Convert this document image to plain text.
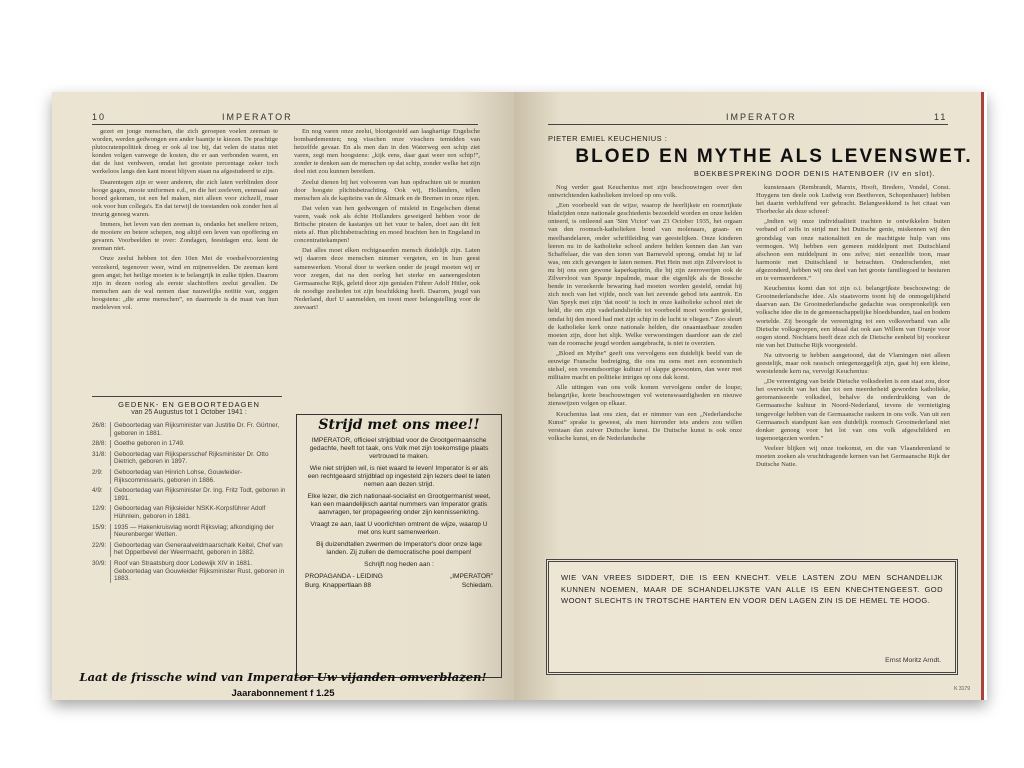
10	IMPERATOR

gezet en jonge menschen, die zich geroepen voelen zeeman te worden, werden gedwongen een ander baantje te kiezen. De prachtige plutocratenpolitiek droeg er ook al toe bij, dat velen de status niet konden volgen vanwege de kosten, die er aan verbonden waren, en dat de lust verdween, omdat het grootste percentage zeker toch werkeloos langs den kant moest blijven staan na afgestudeerd te zijn.

Daarentegen zijn er weer anderen, die zich laten verblinden door hooge gages, mooie uniformen e.d., en die het zeeleven, eenmaal aan boord gekomen, tot een hel maken, niet alleen voor zichzelf, maar ook voor hun collega's. En dat terwijl de toestanden ook zonder hen al treurig genoeg waren.

Immers, het leven van den zeeman is, ondanks het snellere reizen, de mooiere en betere schepen, nog altijd een leven van opoffering en gevaren. Voorbeelden te over: Zondagen, feestdagen enz. kent de zeeman niet.

Onze zeelui hebben tot den 10en Mei de voedselvoorziening verzekerd, tegenover weer, wind en mijnenvelden. De zeeman kent geen angst; het heilige moeten is te belangrijk in zulke tijden. Daarom zijn in dezen oorlog als eerste slachtoffers zeelui gevallen. De menschen aan de wal nemen daar nauwelijks notitie van, zeggen hoogstens: „die arme menschen”, en daarmede is de maat van hun medeleven vol.

En nog varen onze zeelui, blootgesteld aan laaghartige Engelsche bombardementen; nog visschen onze visschers temidden van hetzelfde gevaar. En als men dan in den Waterweg een schip ziet varen, zegt men hoogstens: „kijk eens, daar gaat weer een schip!”, zonder te denken aan de menschen op dat schip, zonder welke het zijn doel niet zou kunnen bereiken.

Zeelui dienen bij het volvoeren van hun opdrachten uit te munten door hoogste plichtsbetrachting. Ook wij, Hollanders, tellen menschen als de kapiteins van de Altmark en de Bremen in onze rijen.

Dat velen van hen gedwongen of misleid in Engelschen dienst varen, vaak ook als échte Hollanders geweigerd hebben voor de Britsche piraten de kastanjes uit het vuur te halen, doet aan dit feit niets af. Hun plichtsbetrachting en moed brachten hen in Engeland in concentratiekampen!

Dat alles moet elken rechtgeaarden mensch duidelijk zijn. Laten wij daarom deze menschen nimmer vergeten, en in hun geest samenwerken. Vooral door te werken onder de jeugd moeten wij er voor zorgen, dat na den oorlog het sterke en aaneengesloten Germaansche Rijk, geleid door zijn genialen Führer Adolf Hitler, ook de noodige zeelieden tot zijn beschikking heeft. Daarom, jeugd van Nederland, durf U aanmelden, en toont meer belangstelling voor de zeevaart!

GEDENK- EN GEBOORTEDAGEN
van 25 Augustus tot 1 October 1941 :
26/8:	Geboortedag van Rijksminister van Justitie Dr. Fr. Gürtner, geboren in 1881.
28/8:	Goethe geboren in 1749.
31/8:	Geboortedag van Rijkspersschef Rijksminister Dr. Otto Dietrich, geboren in 1897.
2/9:	Geboortedag van Hinrich Lohse, Gouwleider-Rijkscommissaris, geboren in 1886.
4/9:	Geboortedag van Rijksminister Dr. Ing. Fritz Todt, geboren in 1891.
12/9:	Geboortedag van Rijksleider NSKK-Korpsführer Adolf Hühnlein, geboren in 1881.
15/9:	1935 — Hakenkruisvlag wordt Rijksvlag; afkondiging der Neurenberger Wetten.
22/9:	Geboortedag van Generaalveldmaarschalk Keitel, Chef van het Opperbevel der Weermacht, geboren in 1882.
30/9:	Roof van Straatsburg door Lodewijk XIV in 1681. Geboortedag van Gouwleider Rijksminister Rust, geboren in 1883.
Strijd met ons mee!!

IMPERATOR, officieel strijdblad voor de Grootgermaansche gedachte, heeft tot taak, ons Volk met zijn toekomstige plaats vertrouwd te maken.

Wie niet strijden wil, is niet waard te leven! Imperator is er als een rechtgeaard strijdblad op ingesteld zijn lezers deel te laten nemen aan dezen strijd.

Elke lezer, die zich nationaal-socialist en Grootgermanist weet, kan een maandelijksch aantal nummers van Imperator gratis aanvragen, ter propageering onder zijn kennissenkring.

Vraagt ze aan, laat U voorlichten omtrent de wijze, waarop U met ons kunt samenwerken.

Bij duizendtallen zwermen de Imperator's door onze lage landen. Zij zullen de democratische poel dempen!

Schrijft nog heden aan :

PROPAGANDA - LEIDING	„IMPERATOR”
Burg. Knappertlaan 88	Schiedam.
Laat de frissche wind van Imperator Uw vijanden omverblazen!
Jaarabonnement f 1.25
IMPERATOR	11
PIETER EMIEL KEUCHENIUS :
BLOED EN MYTHE ALS LEVENSWET.
BOEKBESPREKING DOOR DENIS HATENBOER (IV en slot).

Nog verder gaat Keuchenius met zijn beschouwingen over den ontwrichtenden katholieken invloed op ons volk.

„Een voorbeeld van de wijze, waarop de heerlijkste en roemrijkste bladzijden onze nationale geschiedenis bezoedeld worden en onze helden onteerd, is ontleend aan 'Sint Victor' van 23 October 1935, het orgaan van den roomsch-katholieken bond van molenaars, graan- en meelhandelaren, onder schriftleiding van geestelijken. Onze kinderen leeren nu in de katholieke school andere helden kennen dan Jan van Schaffelaar, die van den toren van Barneveld sprong, omdat hij te laf was, om zich gevangen te laten nemen. Piet Hein met zijn Zilvervloot is nu bij ons een gewone kaperkapitein, die bij zijn zeeroverijen ook de Zilvervloot van Spanje inpalmde, maar die eigenlijk als de Bossche bende in verzekerde bewaring had moeten worden gesteld, omdat hij zich noch van het vijfde, noch van het zevende gebod iets aantrok. En Van Speyk met zijn 'dat nooit' is toch in onze katholieke school niet de held, die om zijn vaderlandsliefde tot voorbeeld moet worden gesteld, omdat hij den moed had met zijn schip in de lucht te vliegen.” Zoo sleurt de katholieke kerk onze nationale helden, die onaantastbaar zouden moeten zijn, door het slijk. Welke verwoestingen daardoor aan de ziel van de roomsche jeugd worden aangebracht, is niet te overzien.

„Bloed en Mythe” geeft ons vervolgens een duidelijk beeld van de eeuwige Fransche bedreiging, die ons nu eens met een economisch stelsel, een vreemdsoortige kultuur of slappe gewoonten, dan weer met militaire macht en politieke intriges op ons dak komt.

Alle uitingen van ons volk komen vervolgens onder de loupe; belangrijke, korte beschouwingen vol wetenswaardigheden en nieuwe zienswijzen volgen op elkaar.

Keuchenius laat ons zien, dat er nimmer van een „Nederlandsche Kunst” sprake is geweest, als men hieronder iets anders zou willen verstaan dan zuiver Duitsche kunst. De Duitsche kunst is ook onze volksche kunst, en de Nederlandsche

kunstenaars (Rembrandt, Marnix, Hooft, Bredero, Vondel, Const. Huygens ten deele ook Ludwig von Beethoven, Schopenhauer) hebben het daarin verbluffend ver gebracht. Belangwekkend is het citaat van Thorbecke als deze schreef:

„Indien wij onze individualiteit trachten te ontwikkelen buiten verband of zelfs in strijd met het Duitsche genie, miskennen wij den grondslag van onze nationaliteit en de machtigste hulp van ons vermogen. Wij hebben een gemeen middelpunt met Duitschland afschoon een middelpunt in ons zelve; niet eenzelfde toon, maar harmonie met Duitschland te betrachten. Onderscheiden, niet afgezonderd, hebben wij ons deel van het groote familiegoed te besturen en te vermeerderen.”

Keuchenius komt dan tot zijn o.i. belangrijkste beschouwing: de Grootnederlandsche idee. Als staatsvorm toont hij de onmogelijkheid daarvan aan. De Grootnederlandsche gedachte was oorspronkelijk een volksche idee die in de gemeenschappelijke bloedsbanden, taal en bodem wortelde. Zij beoogde de vereeniging tot een volksverband van alle Dietsche volksgroepen, een ideaal dat ook aan Willem van Oranje voor oogen stond. Nochtans heeft deze zich de Dietsche eenheid bij voorkeur nie van het Duitsche Rijk voorgesteld.

Na uitvoerig te hebben aangetoond, dat de Vlamingen niet alleen geestelijk, maar ook rassisch ontegenzeggelijk zijn, gaat hij een kleine, worstelende kern na, vervolgt Keuchenius:

„De vereeniging van beide Dietsche volksdeelen is een staat zou, door het overwicht van het dan tot een meerderheid geworden katholieke, geromaniseerde volksdeel, behalve de onderdrukking van de Germaansche kultuur in Noord-Nederland, tevens de vernietiging tengevolge hebben van de Germaansche raskern in ons volk. Van uit een Germaansch standpunt kan een duidelijk roomsch Grootnederland niet donker genoeg voor het lot van ons volk afgeschilderd en tegemoetgezien worden.”

Veeleer blijken wij onze toekomst, en die van Vlaanderenland te moeten zoeken als vruchtdragende kernen van het Germaansche Rijk der Duitsche Natie.

WIE VAN VREES SIDDERT, DIE IS EEN KNECHT. VELE LASTEN ZOU MEN SCHANDELIJK KUNNEN NOEMEN, MAAR DE SCHANDELIJKSTE VAN ALLE IS EEN KNECHTENGEEST. GOD WOONT SLECHTS IN TROTSCHE HARTEN EN VOOR DEN LAGEN ZIN IS DE HEMEL TE HOOG.
Ernst Moritz Arndt.
K 3179
